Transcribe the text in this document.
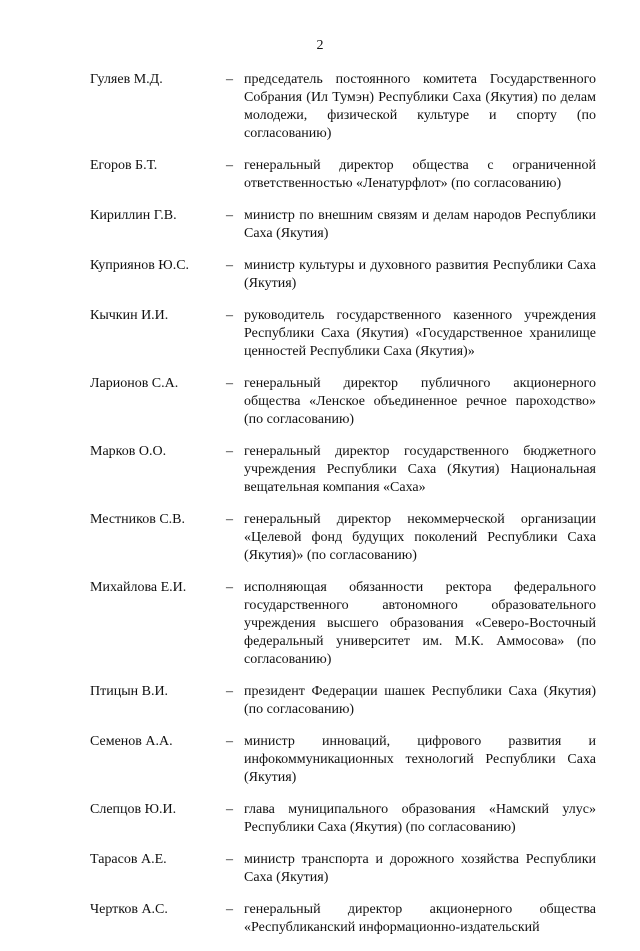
2
Гуляев М.Д.	– председатель постоянного комитета Государственного Собрания (Ил Тумэн) Республики Саха (Якутия) по делам молодежи, физической культуре и спорту (по согласованию)
Егоров Б.Т.	– генеральный директор общества с ограниченной ответственностью «Ленатурфлот» (по согласованию)
Кириллин Г.В.	– министр по внешним связям и делам народов Республики Саха (Якутия)
Куприянов Ю.С.	– министр культуры и духовного развития Республики Саха (Якутия)
Кычкин И.И.	– руководитель государственного казенного учреждения Республики Саха (Якутия) «Государственное хранилище ценностей Республики Саха (Якутия)»
Ларионов С.А.	– генеральный директор публичного акционерного общества «Ленское объединенное речное пароходство» (по согласованию)
Марков О.О.	– генеральный директор государственного бюджетного учреждения Республики Саха (Якутия) Национальная вещательная компания «Саха»
Местников С.В.	– генеральный директор некоммерческой организации «Целевой фонд будущих поколений Республики Саха (Якутия)» (по согласованию)
Михайлова Е.И.	– исполняющая обязанности ректора федерального государственного автономного образовательного учреждения высшего образования «Северо-Восточный федеральный университет им. М.К. Аммосова» (по согласованию)
Птицын В.И.	– президент Федерации шашек Республики Саха (Якутия) (по согласованию)
Семенов А.А.	– министр инноваций, цифрового развития и инфокоммуникационных технологий Республики Саха (Якутия)
Слепцов Ю.И.	– глава муниципального образования «Намский улус» Республики Саха (Якутия) (по согласованию)
Тарасов А.Е.	– министр транспорта и дорожного хозяйства Республики Саха (Якутия)
Чертков А.С.	– генеральный директор акционерного общества «Республиканский информационно-издательский
